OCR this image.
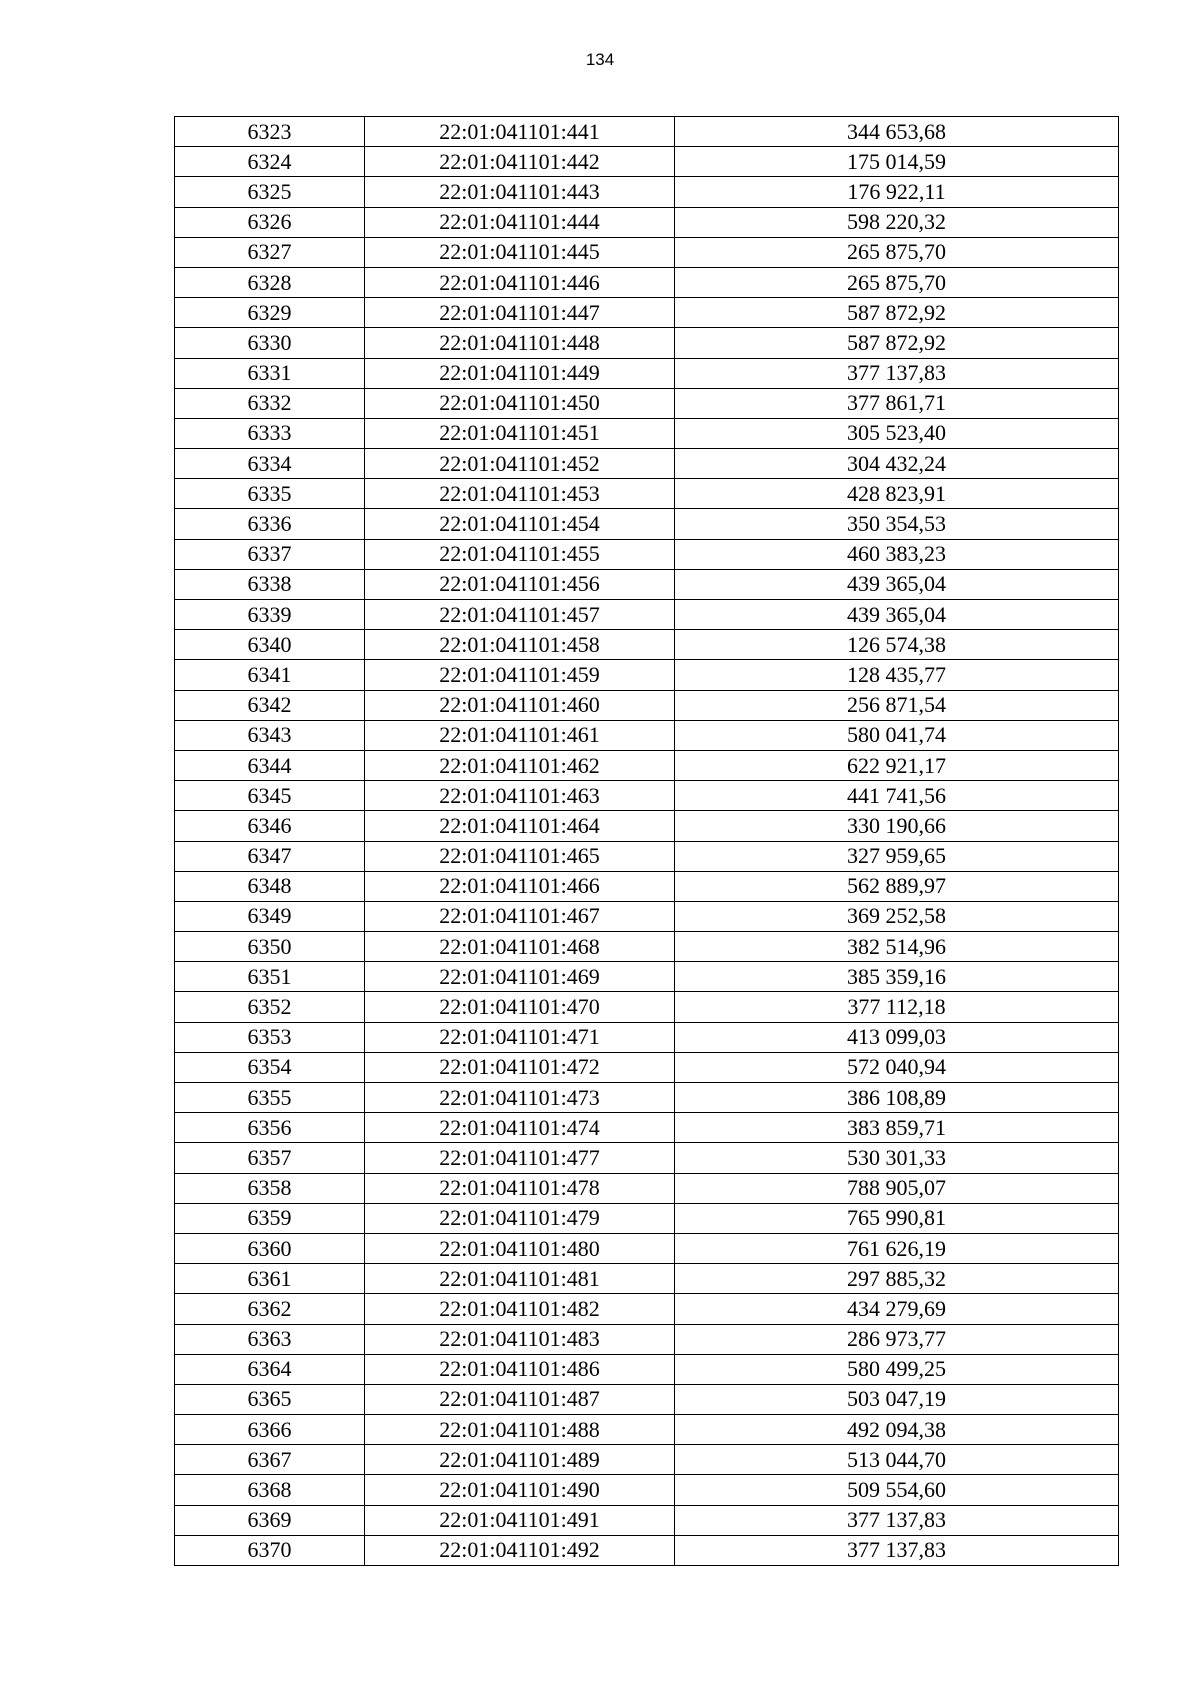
134
6323	22:01:041101:441	344 653,68
6324	22:01:041101:442	175 014,59
6325	22:01:041101:443	176 922,11
6326	22:01:041101:444	598 220,32
6327	22:01:041101:445	265 875,70
6328	22:01:041101:446	265 875,70
6329	22:01:041101:447	587 872,92
6330	22:01:041101:448	587 872,92
6331	22:01:041101:449	377 137,83
6332	22:01:041101:450	377 861,71
6333	22:01:041101:451	305 523,40
6334	22:01:041101:452	304 432,24
6335	22:01:041101:453	428 823,91
6336	22:01:041101:454	350 354,53
6337	22:01:041101:455	460 383,23
6338	22:01:041101:456	439 365,04
6339	22:01:041101:457	439 365,04
6340	22:01:041101:458	126 574,38
6341	22:01:041101:459	128 435,77
6342	22:01:041101:460	256 871,54
6343	22:01:041101:461	580 041,74
6344	22:01:041101:462	622 921,17
6345	22:01:041101:463	441 741,56
6346	22:01:041101:464	330 190,66
6347	22:01:041101:465	327 959,65
6348	22:01:041101:466	562 889,97
6349	22:01:041101:467	369 252,58
6350	22:01:041101:468	382 514,96
6351	22:01:041101:469	385 359,16
6352	22:01:041101:470	377 112,18
6353	22:01:041101:471	413 099,03
6354	22:01:041101:472	572 040,94
6355	22:01:041101:473	386 108,89
6356	22:01:041101:474	383 859,71
6357	22:01:041101:477	530 301,33
6358	22:01:041101:478	788 905,07
6359	22:01:041101:479	765 990,81
6360	22:01:041101:480	761 626,19
6361	22:01:041101:481	297 885,32
6362	22:01:041101:482	434 279,69
6363	22:01:041101:483	286 973,77
6364	22:01:041101:486	580 499,25
6365	22:01:041101:487	503 047,19
6366	22:01:041101:488	492 094,38
6367	22:01:041101:489	513 044,70
6368	22:01:041101:490	509 554,60
6369	22:01:041101:491	377 137,83
6370	22:01:041101:492	377 137,83
